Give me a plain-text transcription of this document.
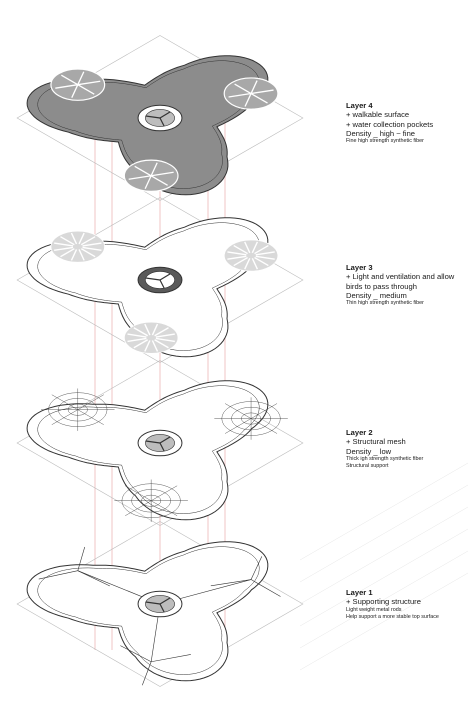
Layer 4
+ walkable surface
+ water collection pockets
Density _ high ~ fine
Fine high strength synthetic fiber
Layer 3
+ Light and ventilation and allow
birds to pass through
Density _ medium
Thin high strength synthetic fiber
Layer 2
+ Structural mesh
Density _ low
Thick igh strength synthetic fiber
Structural support
Layer 1
+ Supporting structure
Light weight metal rods
Help support a more stable top surface
